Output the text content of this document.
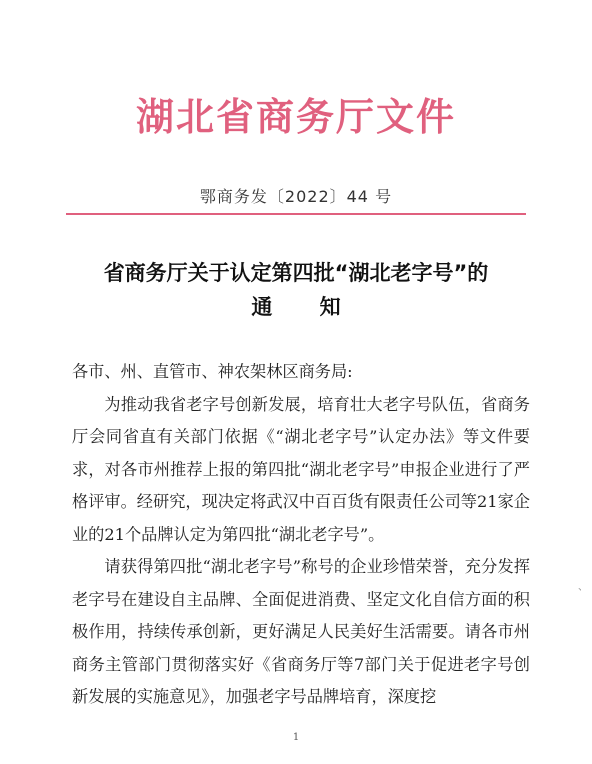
湖北省商务厅文件
鄂商务发〔2022〕44 号
省商务厅关于认定第四批“湖北老字号”的
通 知

各市、州、直管市、神农架林区商务局:

为推动我省老字号创新发展，培育壮大老字号队伍，省商务厅会同省直有关部门依据《“湖北老字号”认定办法》等文件要求，对各市州推荐上报的第四批“湖北老字号”申报企业进行了严格评审。经研究，现决定将武汉中百百货有限责任公司等21家企业的21个品牌认定为第四批“湖北老字号”。

请获得第四批“湖北老字号”称号的企业珍惜荣誉，充分发挥老字号在建设自主品牌、全面促进消费、坚定文化自信方面的积极作用，持续传承创新，更好满足人民美好生活需要。请各市州商务主管部门贯彻落实好《省商务厅等7部门关于促进老字号创新发展的实施意见》，加强老字号品牌培育，深度挖

、
1
